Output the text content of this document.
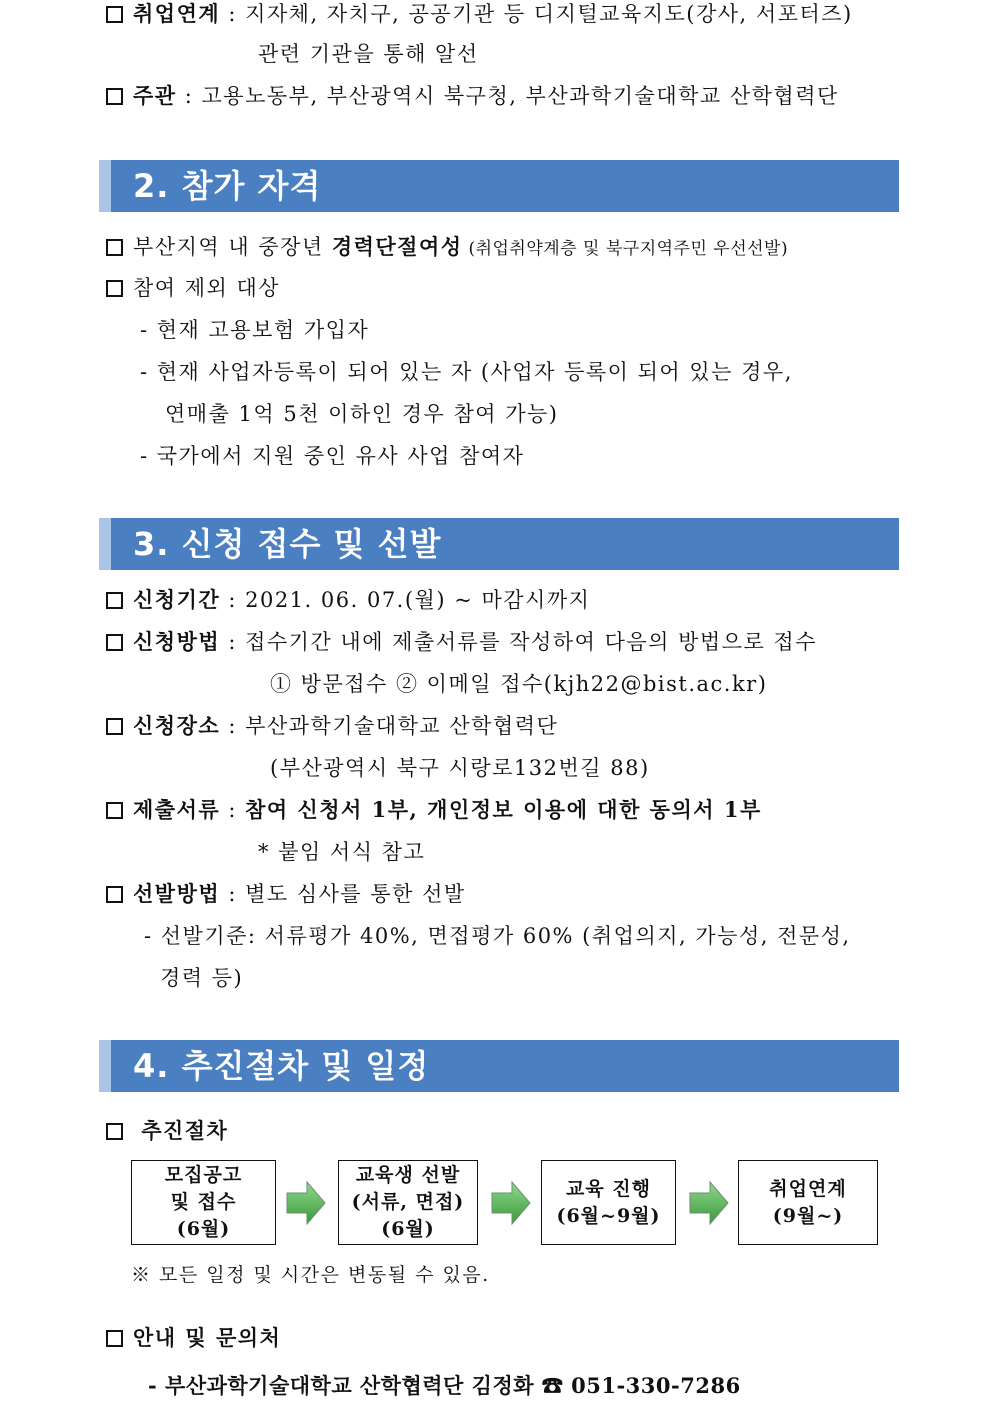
취업연계 : 지자체, 자치구, 공공기관 등 디지털교육지도(강사, 서포터즈)
관련 기관을 통해 알선
주관 : 고용노동부, 부산광역시 북구청, 부산과학기술대학교 산학협력단
2. 참가 자격
부산지역 내 중장년 경력단절여성 (취업취약계층 및 북구지역주민 우선선발)
참여 제외 대상
- 현재 고용보험 가입자
- 현재 사업자등록이 되어 있는 자 (사업자 등록이 되어 있는 경우,
연매출 1억 5천 이하인 경우 참여 가능)
- 국가에서 지원 중인 유사 사업 참여자
3. 신청 접수 및 선발
신청기간 : 2021. 06. 07.(월) ~ 마감시까지
신청방법 : 접수기간 내에 제출서류를 작성하여 다음의 방법으로 접수
① 방문접수 ② 이메일 접수(kjh22@bist.ac.kr)
신청장소 : 부산과학기술대학교 산학협력단
(부산광역시 북구 시랑로132번길 88)
제출서류 : 참여 신청서 1부, 개인정보 이용에 대한 동의서 1부
* 붙임 서식 참고
선발방법 : 별도 심사를 통한 선발
- 선발기준: 서류평가 40%, 면접평가 60% (취업의지, 가능성, 전문성,
경력 등)
4. 추진절차 및 일정
추진절차
모집공고
및 접수
(6월)
교육생 선발
(서류, 면접)
(6월)
교육 진행
(6월~9월)
취업연계
(9월~)
※ 모든 일정 및 시간은 변동될 수 있음.
안내 및 문의처
- 부산과학기술대학교 산학협력단 김정화 ☎ 051-330-7286
